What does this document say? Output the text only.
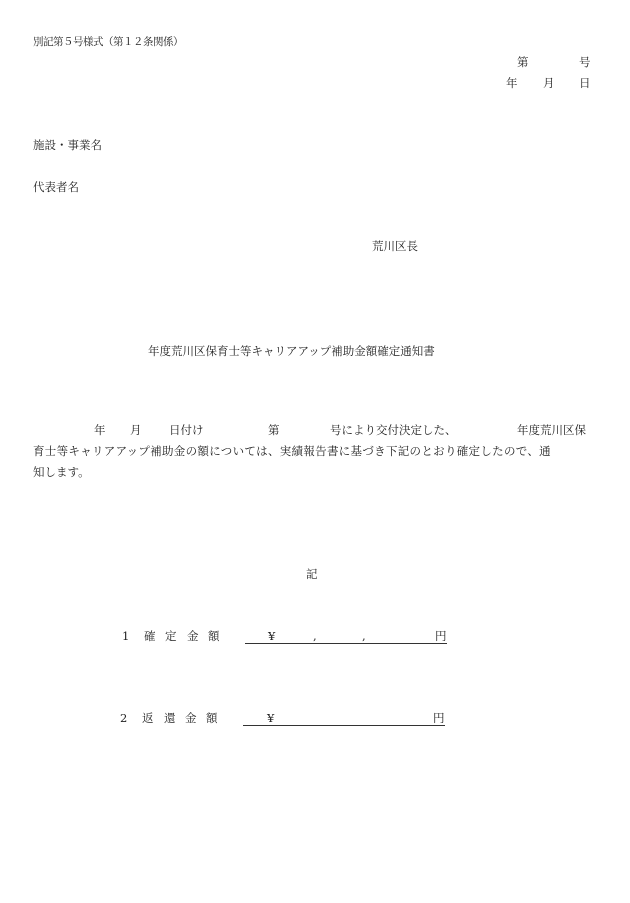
別記第５号様式（第１２条関係）
第	号
年 月 日
施設・事業名
代表者名
荒川区長
年度荒川区保育士等キャリアアップ補助金額確定通知書
年 月 日付け	第	号により交付決定した、	年度荒川区保
育士等キャリアアップ補助金の額については、実績報告書に基づき下記のとおり確定したので、通
知します。
記
1 確 定 金 額	¥	,	,	円
2 返 還 金 額	¥	円
